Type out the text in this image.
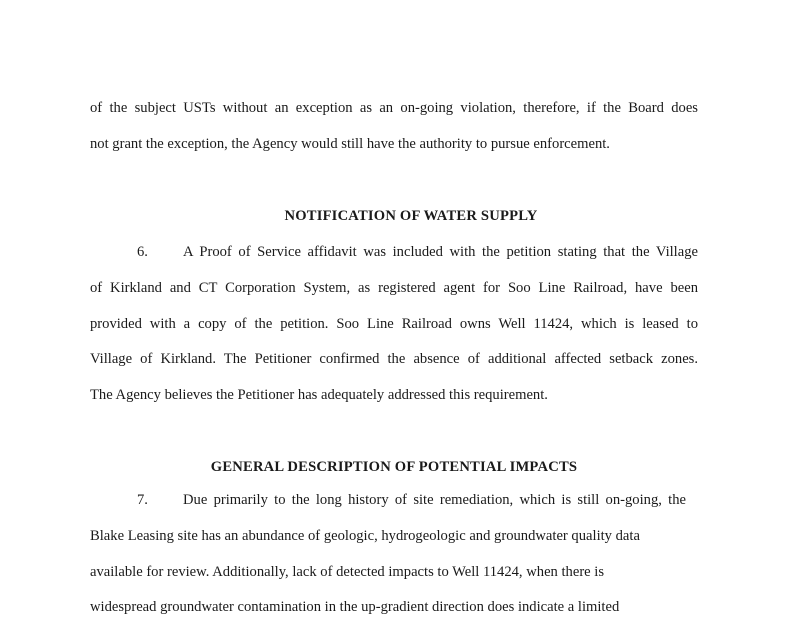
of the subject USTs without an exception as an on-going violation, therefore, if the Board does
not grant the exception, the Agency would still have the authority to pursue enforcement.
NOTIFICATION OF WATER SUPPLY
6. A Proof of Service affidavit was included with the petition stating that the Village
of Kirkland and CT Corporation System, as registered agent for Soo Line Railroad, have been
provided with a copy of the petition. Soo Line Railroad owns Well 11424, which is leased to
Village of Kirkland. The Petitioner confirmed the absence of additional affected setback zones.
The Agency believes the Petitioner has adequately addressed this requirement.
GENERAL DESCRIPTION OF POTENTIAL IMPACTS
7. Due primarily to the long history of site remediation, which is still on-going, the
Blake Leasing site has an abundance of geologic, hydrogeologic and groundwater quality data
available for review. Additionally, lack of detected impacts to Well 11424, when there is
widespread groundwater contamination in the up-gradient direction does indicate a limited
